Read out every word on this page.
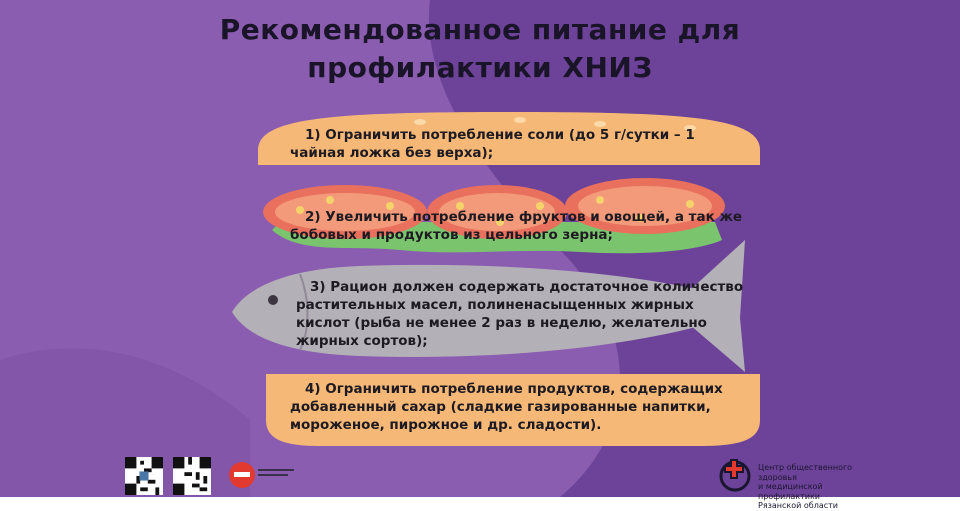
Рекомендованное питание для
профилактики ХНИЗ
1) Ограничить потребление соли (до 5 г/сутки – 1
чайная ложка без верха);
2) Увеличить потребление фруктов и овощей, а так же
бобовых и продуктов из цельного зерна;
3) Рацион должен содержать достаточное количество
растительных масел, полиненасыщенных жирных
кислот (рыба не менее 2 раз в неделю, желательно
жирных сортов);
4) Ограничить потребление продуктов, содержащих
добавленный сахар (сладкие газированные напитки,
мороженое, пирожное и др. сладости).
Центр общественного здоровья
и медицинской профилактики
Рязанской области
